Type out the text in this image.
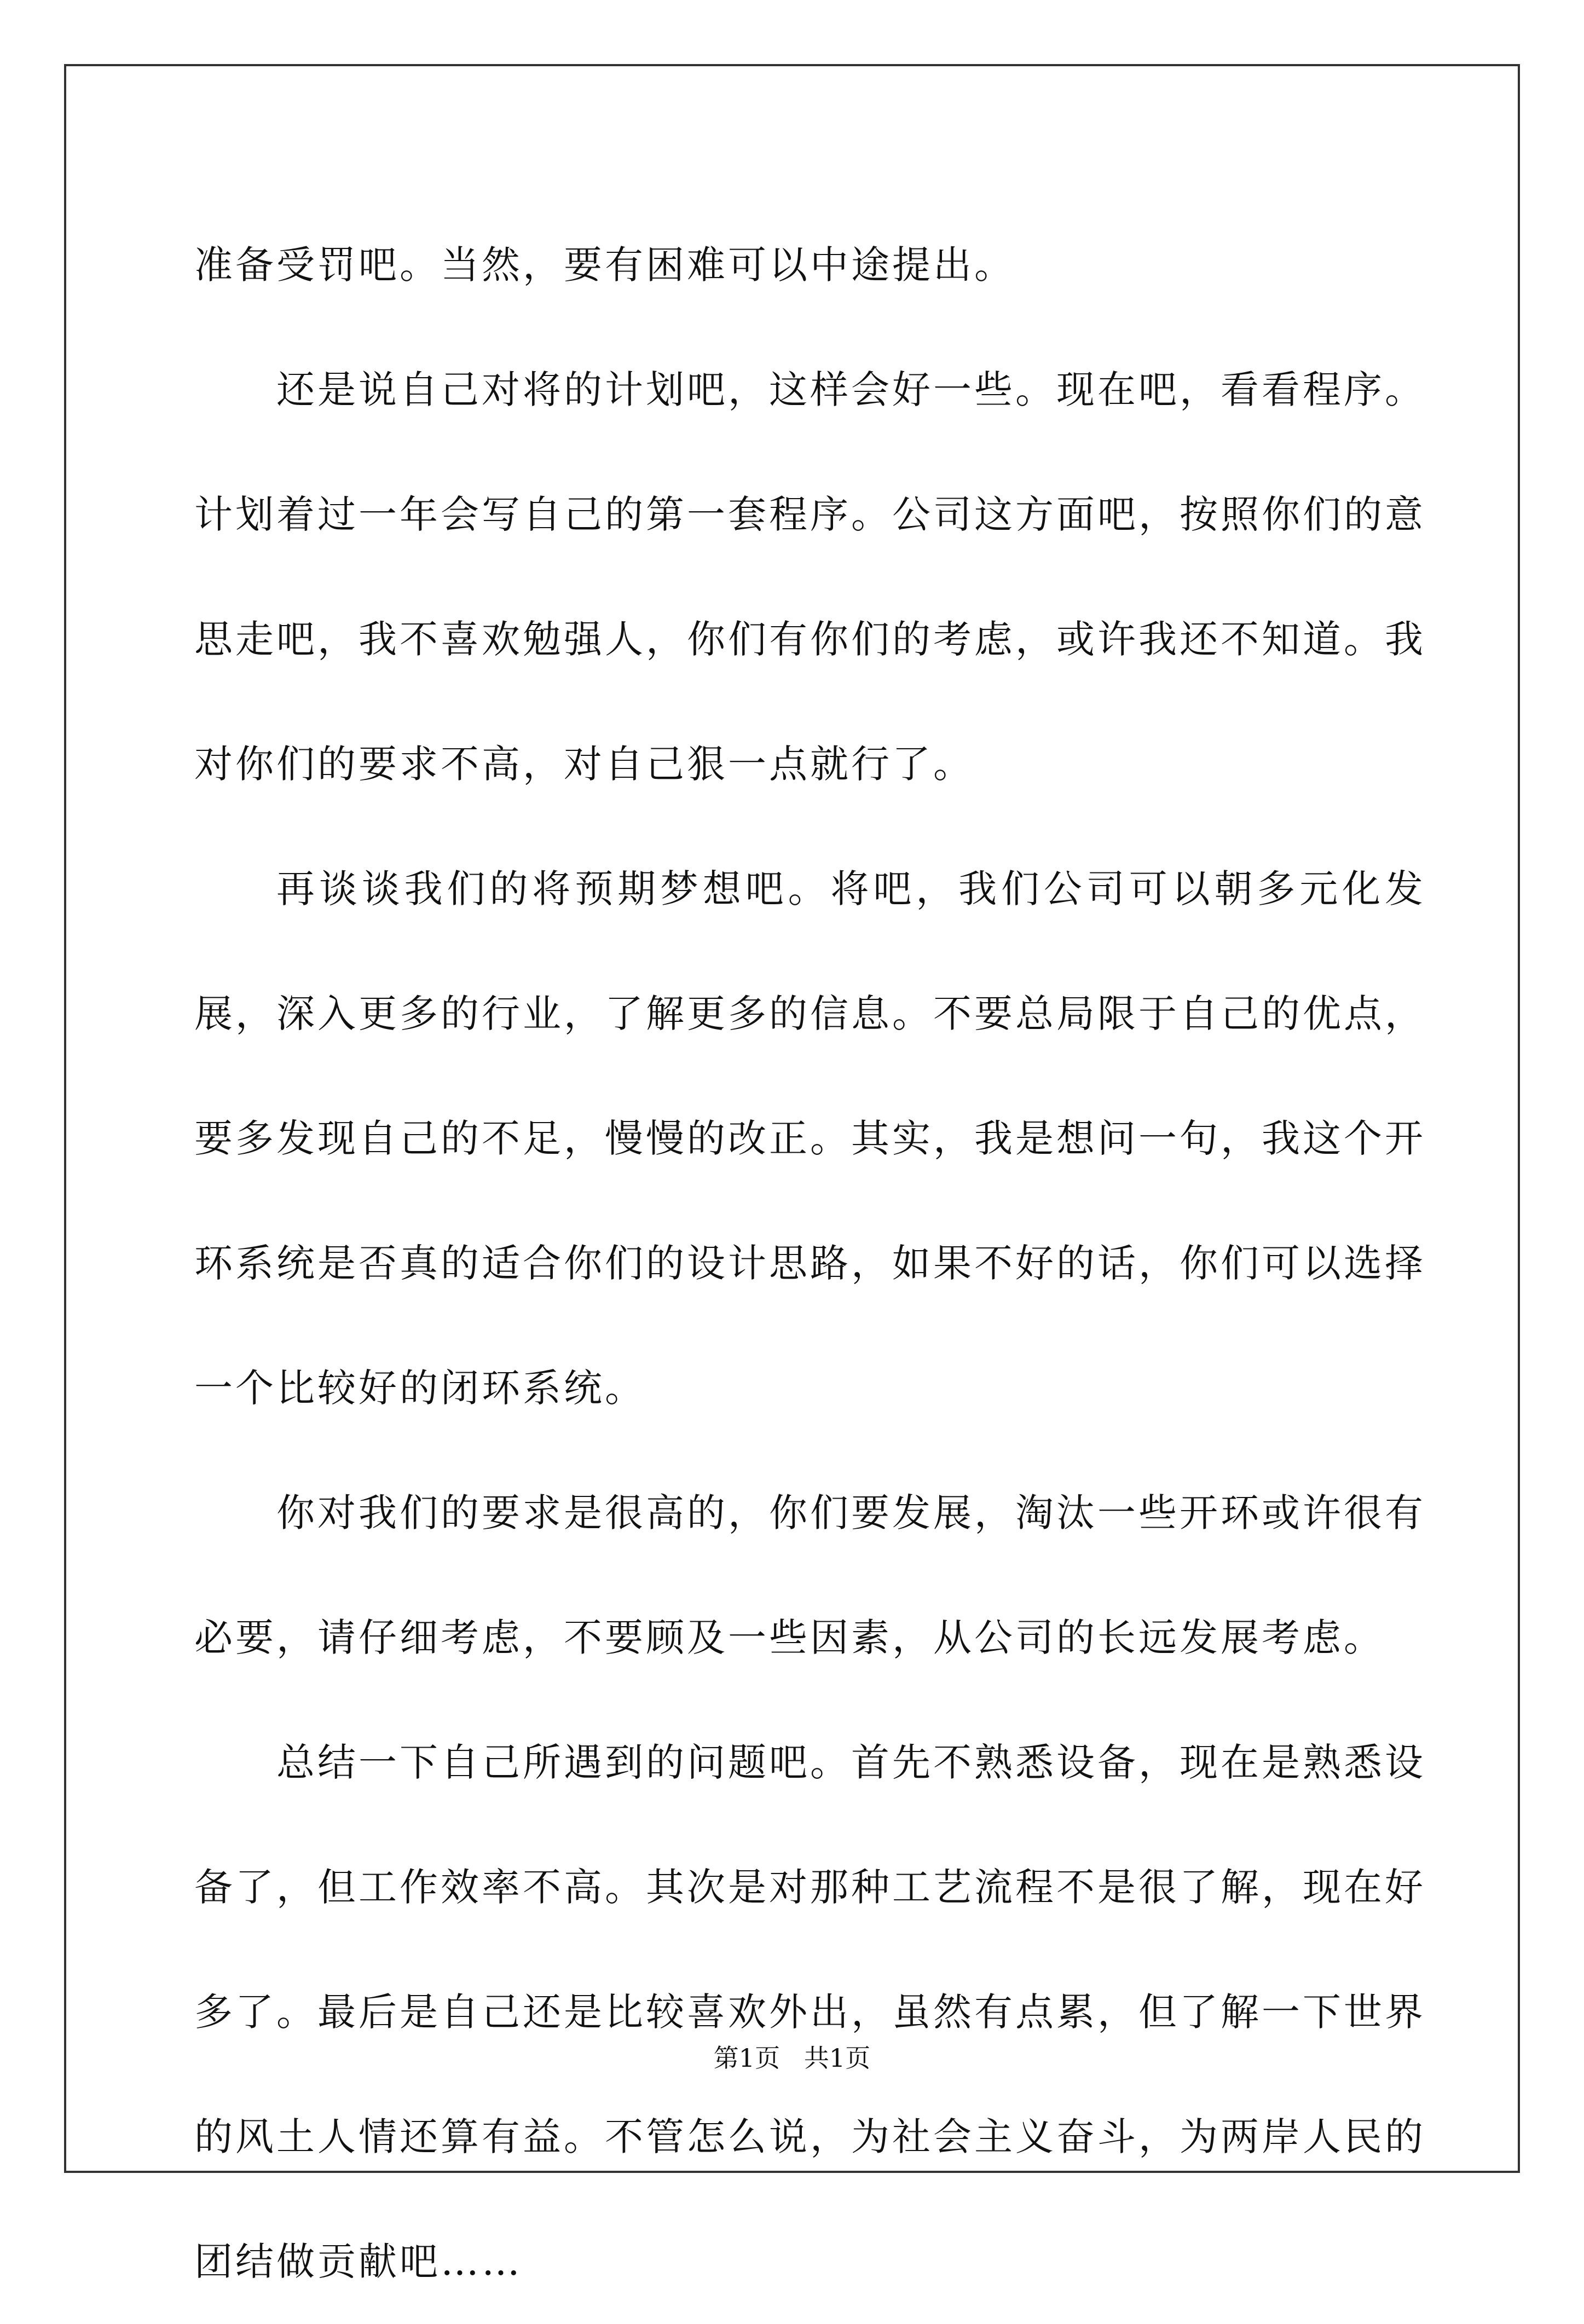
准备受罚吧。当然，要有困难可以中途提出。

还是说自己对将的计划吧，这样会好一些。现在吧，看看程序。计划着过一年会写自己的第一套程序。公司这方面吧，按照你们的意思走吧，我不喜欢勉强人，你们有你们的考虑，或许我还不知道。我对你们的要求不高，对自己狠一点就行了。

再谈谈我们的将预期梦想吧。将吧，我们公司可以朝多元化发展，深入更多的行业，了解更多的信息。不要总局限于自己的优点，要多发现自己的不足，慢慢的改正。其实，我是想问一句，我这个开环系统是否真的适合你们的设计思路，如果不好的话，你们可以选择一个比较好的闭环系统。

你对我们的要求是很高的，你们要发展，淘汰一些开环或许很有必要，请仔细考虑，不要顾及一些因素，从公司的长远发展考虑。

总结一下自己所遇到的问题吧。首先不熟悉设备，现在是熟悉设备了，但工作效率不高。其次是对那种工艺流程不是很了解，现在好多了。最后是自己还是比较喜欢外出，虽然有点累，但了解一下世界的风土人情还算有益。不管怎么说，为社会主义奋斗，为两岸人民的团结做贡献吧……

第1页   共1页
